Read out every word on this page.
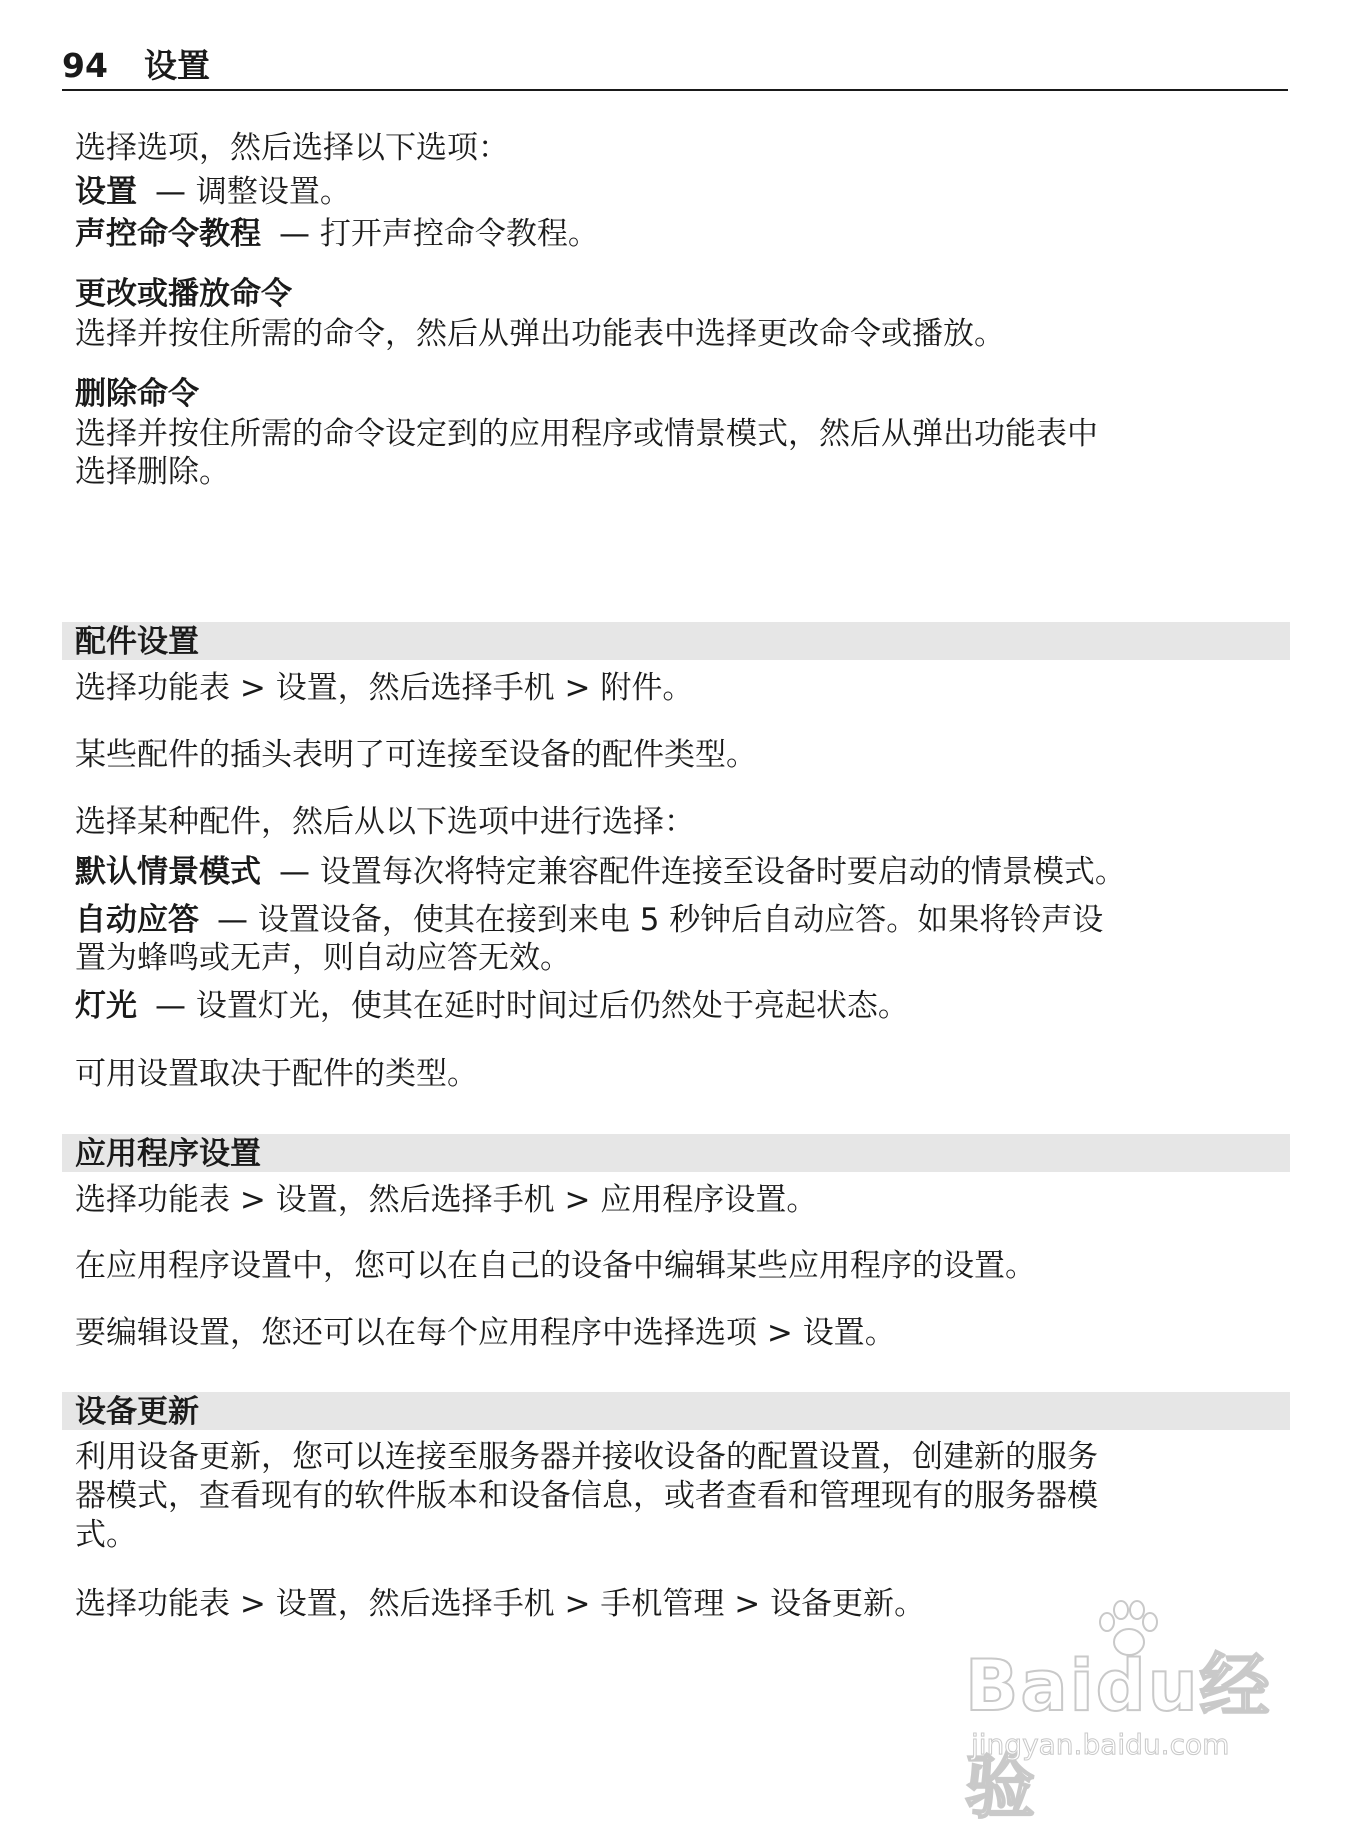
94 设置
选择选项，然后选择以下选项：
设置 — 调整设置。
声控命令教程 — 打开声控命令教程。
更改或播放命令
选择并按住所需的命令，然后从弹出功能表中选择更改命令或播放。
删除命令
选择并按住所需的命令设定到的应用程序或情景模式，然后从弹出功能表中
选择删除。
配件设置
选择功能表 > 设置，然后选择手机 > 附件。
某些配件的插头表明了可连接至设备的配件类型。
选择某种配件，然后从以下选项中进行选择：
默认情景模式 — 设置每次将特定兼容配件连接至设备时要启动的情景模式。
自动应答 — 设置设备，使其在接到来电 5 秒钟后自动应答。如果将铃声设
置为蜂鸣或无声，则自动应答无效。
灯光 — 设置灯光，使其在延时时间过后仍然处于亮起状态。
可用设置取决于配件的类型。
应用程序设置
选择功能表 > 设置，然后选择手机 > 应用程序设置。
在应用程序设置中，您可以在自己的设备中编辑某些应用程序的设置。
要编辑设置，您还可以在每个应用程序中选择选项 > 设置。
设备更新
利用设备更新，您可以连接至服务器并接收设备的配置设置，创建新的服务
器模式，查看现有的软件版本和设备信息，或者查看和管理现有的服务器模
式。
选择功能表 > 设置，然后选择手机 > 手机管理 > 设备更新。
Baidu经验
jingyan.baidu.com
